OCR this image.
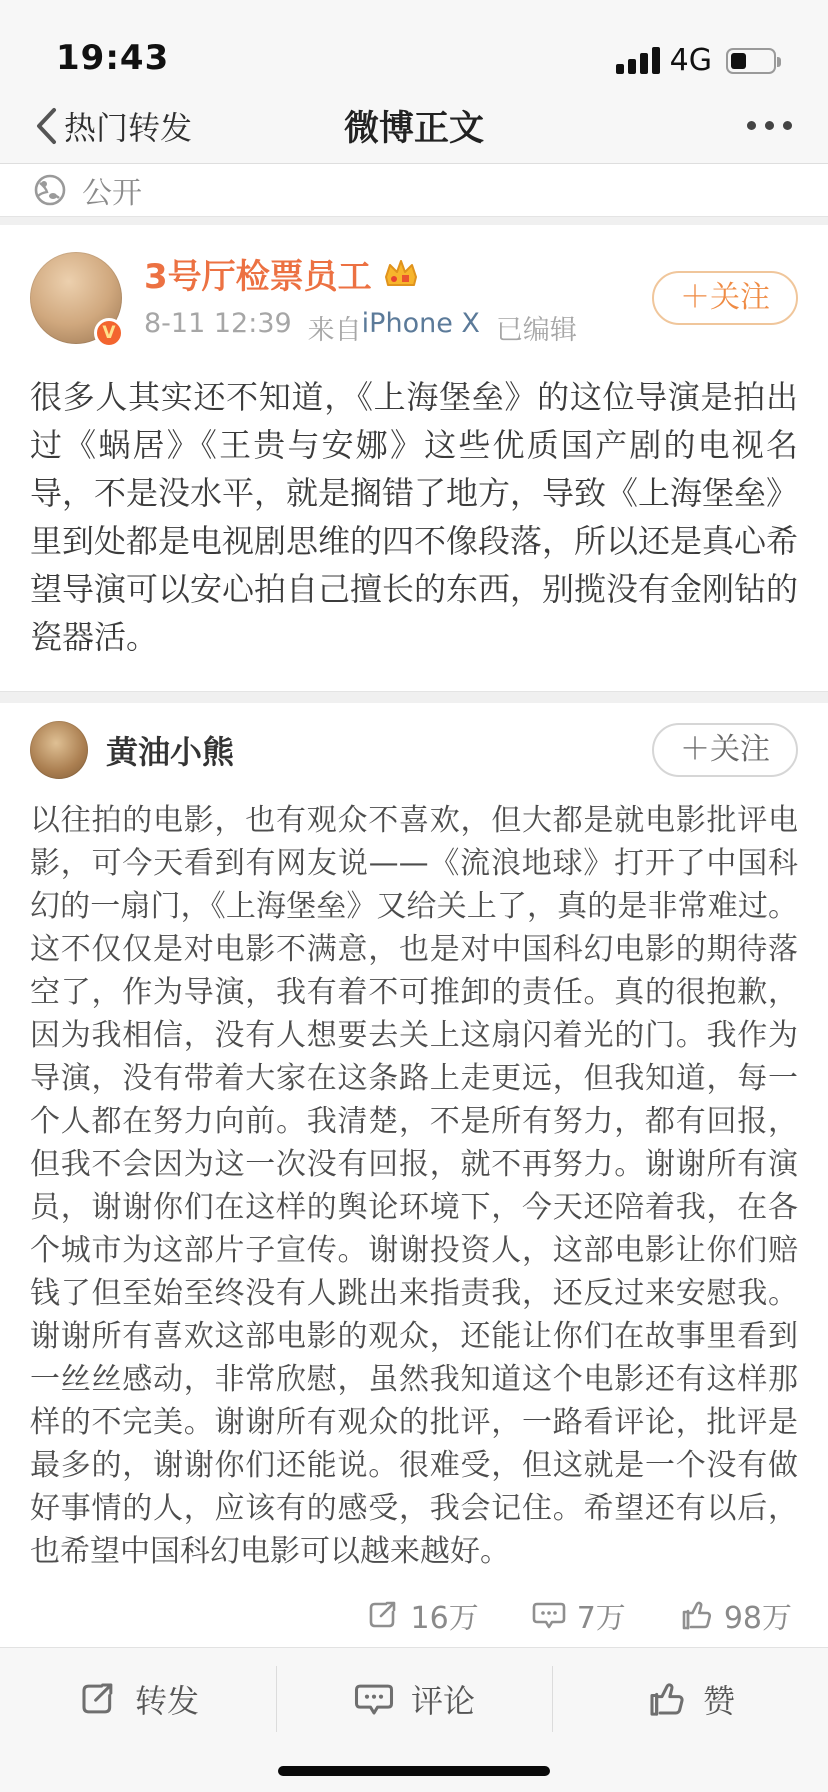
19:43	4G
热门转发	微博正文
公开
V
3号厅检票员工
8-11 12:39 来自 iPhone X 已编辑
＋关注
很多人其实还不知道，《上海堡垒》的这位导演是拍出过《蜗居》《王贵与安娜》这些优质国产剧的电视名导，不是没水平，就是搁错了地方，导致《上海堡垒》里到处都是电视剧思维的四不像段落，所以还是真心希望导演可以安心拍自己擅长的东西，别揽没有金刚钻的瓷器活。
黄油小熊	＋关注
以往拍的电影，也有观众不喜欢，但大都是就电影批评电影，可今天看到有网友说——《流浪地球》打开了中国科幻的一扇门，《上海堡垒》又给关上了，真的是非常难过。这不仅仅是对电影不满意，也是对中国科幻电影的期待落空了，作为导演，我有着不可推卸的责任。真的很抱歉，因为我相信，没有人想要去关上这扇闪着光的门。我作为导演，没有带着大家在这条路上走更远，但我知道，每一个人都在努力向前。我清楚，不是所有努力，都有回报，但我不会因为这一次没有回报，就不再努力。谢谢所有演员，谢谢你们在这样的舆论环境下，今天还陪着我，在各个城市为这部片子宣传。谢谢投资人，这部电影让你们赔钱了但至始至终没有人跳出来指责我，还反过来安慰我。谢谢所有喜欢这部电影的观众，还能让你们在故事里看到一丝丝感动，非常欣慰，虽然我知道这个电影还有这样那样的不完美。谢谢所有观众的批评，一路看评论，批评是最多的，谢谢你们还能说。很难受，但这就是一个没有做好事情的人，应该有的感受，我会记住。希望还有以后，也希望中国科幻电影可以越来越好。
16万	7万	98万
转发	评论	赞
